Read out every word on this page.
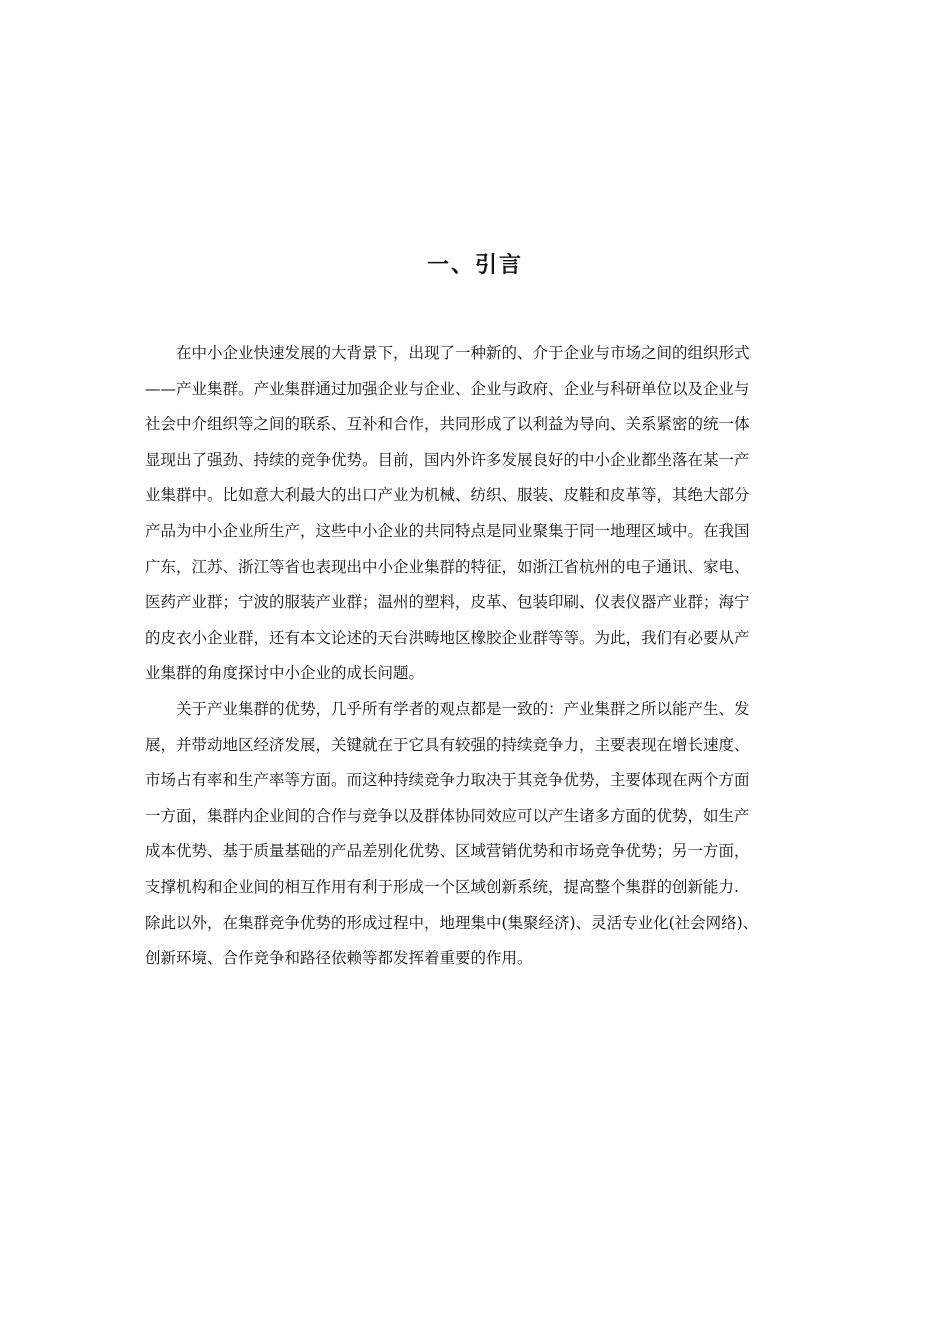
一、引言
在中小企业快速发展的大背景下，出现了一种新的、介于企业与市场之间的组织形式
——产业集群。产业集群通过加强企业与企业、企业与政府、企业与科研单位以及企业与
社会中介组织等之间的联系、互补和合作，共同形成了以利益为导向、关系紧密的统一体
显现出了强劲、持续的竞争优势。目前，国内外许多发展良好的中小企业都坐落在某一产
业集群中。比如意大利最大的出口产业为机械、纺织、服装、皮鞋和皮革等，其绝大部分
产品为中小企业所生产，这些中小企业的共同特点是同业聚集于同一地理区域中。在我国
广东，江苏、浙江等省也表现出中小企业集群的特征，如浙江省杭州的电子通讯、家电、
医药产业群；宁波的服装产业群；温州的塑料，皮革、包装印刷、仪表仪器产业群；海宁
的皮衣小企业群，还有本文论述的天台洪畴地区橡胶企业群等等。为此，我们有必要从产
业集群的角度探讨中小企业的成长问题。
关于产业集群的优势，几乎所有学者的观点都是一致的：产业集群之所以能产生、发
展，并带动地区经济发展，关键就在于它具有较强的持续竞争力，主要表现在增长速度、
市场占有率和生产率等方面。而这种持续竞争力取决于其竞争优势，主要体现在两个方面
一方面，集群内企业间的合作与竞争以及群体协同效应可以产生诸多方面的优势，如生产
成本优势、基于质量基础的产品差别化优势、区域营销优势和市场竞争优势；另一方面，
支撑机构和企业间的相互作用有利于形成一个区域创新系统，提高整个集群的创新能力.
除此以外，在集群竞争优势的形成过程中，地理集中(集聚经济)、灵活专业化(社会网络)、
创新环境、合作竞争和路径依赖等都发挥着重要的作用。
